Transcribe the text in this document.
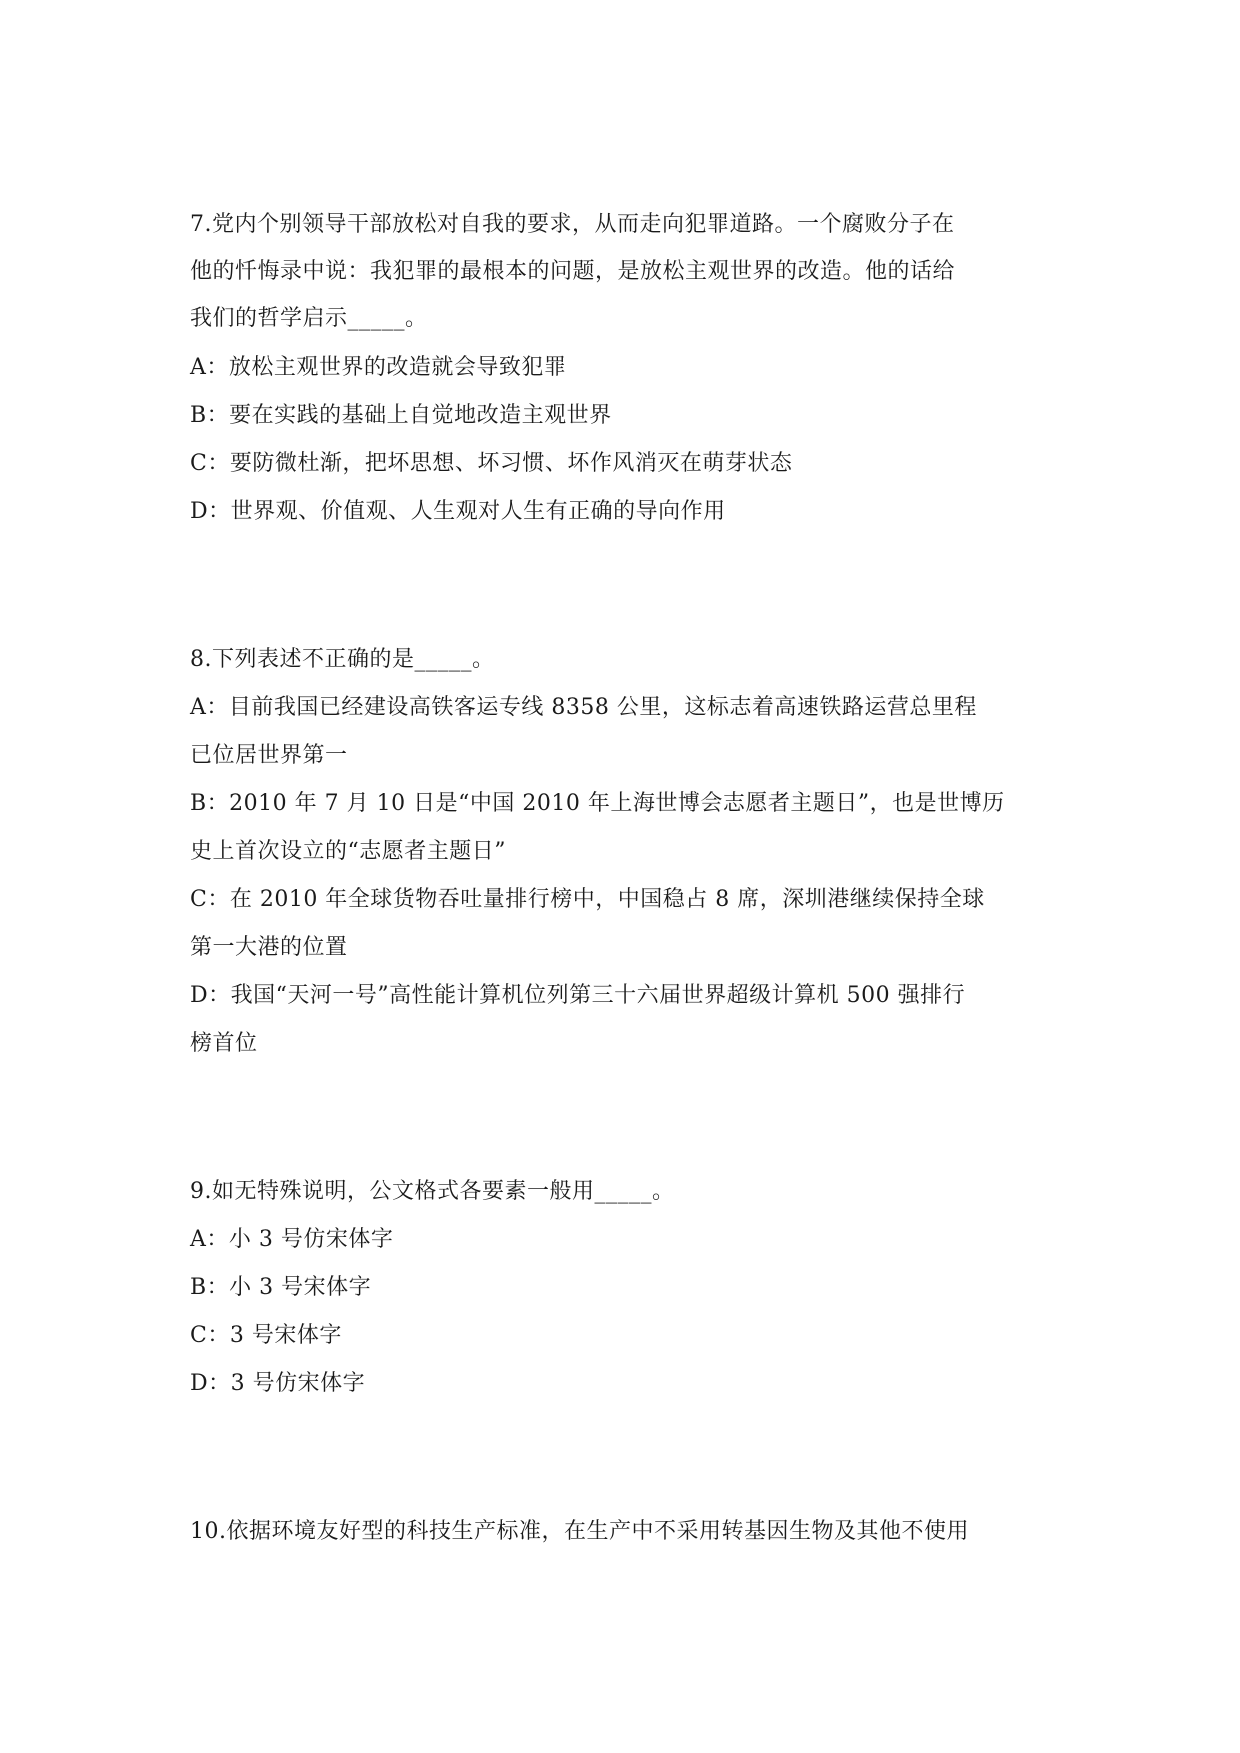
7.党内个别领导干部放松对自我的要求，从而走向犯罪道路。一个腐败分子在
他的忏悔录中说：我犯罪的最根本的问题，是放松主观世界的改造。他的话给
我们的哲学启示_____。
A：放松主观世界的改造就会导致犯罪
B：要在实践的基础上自觉地改造主观世界
C：要防微杜渐，把坏思想、坏习惯、坏作风消灭在萌芽状态
D：世界观、价值观、人生观对人生有正确的导向作用
8.下列表述不正确的是_____。
A：目前我国已经建设高铁客运专线 8358 公里，这标志着高速铁路运营总里程
已位居世界第一
B：2010 年 7 月 10 日是“中国 2010 年上海世博会志愿者主题日”，也是世博历
史上首次设立的“志愿者主题日”
C：在 2010 年全球货物吞吐量排行榜中，中国稳占 8 席，深圳港继续保持全球
第一大港的位置
D：我国“天河一号”高性能计算机位列第三十六届世界超级计算机 500 强排行
榜首位
9.如无特殊说明，公文格式各要素一般用_____。
A：小 3 号仿宋体字
B：小 3 号宋体字
C：3 号宋体字
D：3 号仿宋体字
10.依据环境友好型的科技生产标准，在生产中不采用转基因生物及其他不使用
